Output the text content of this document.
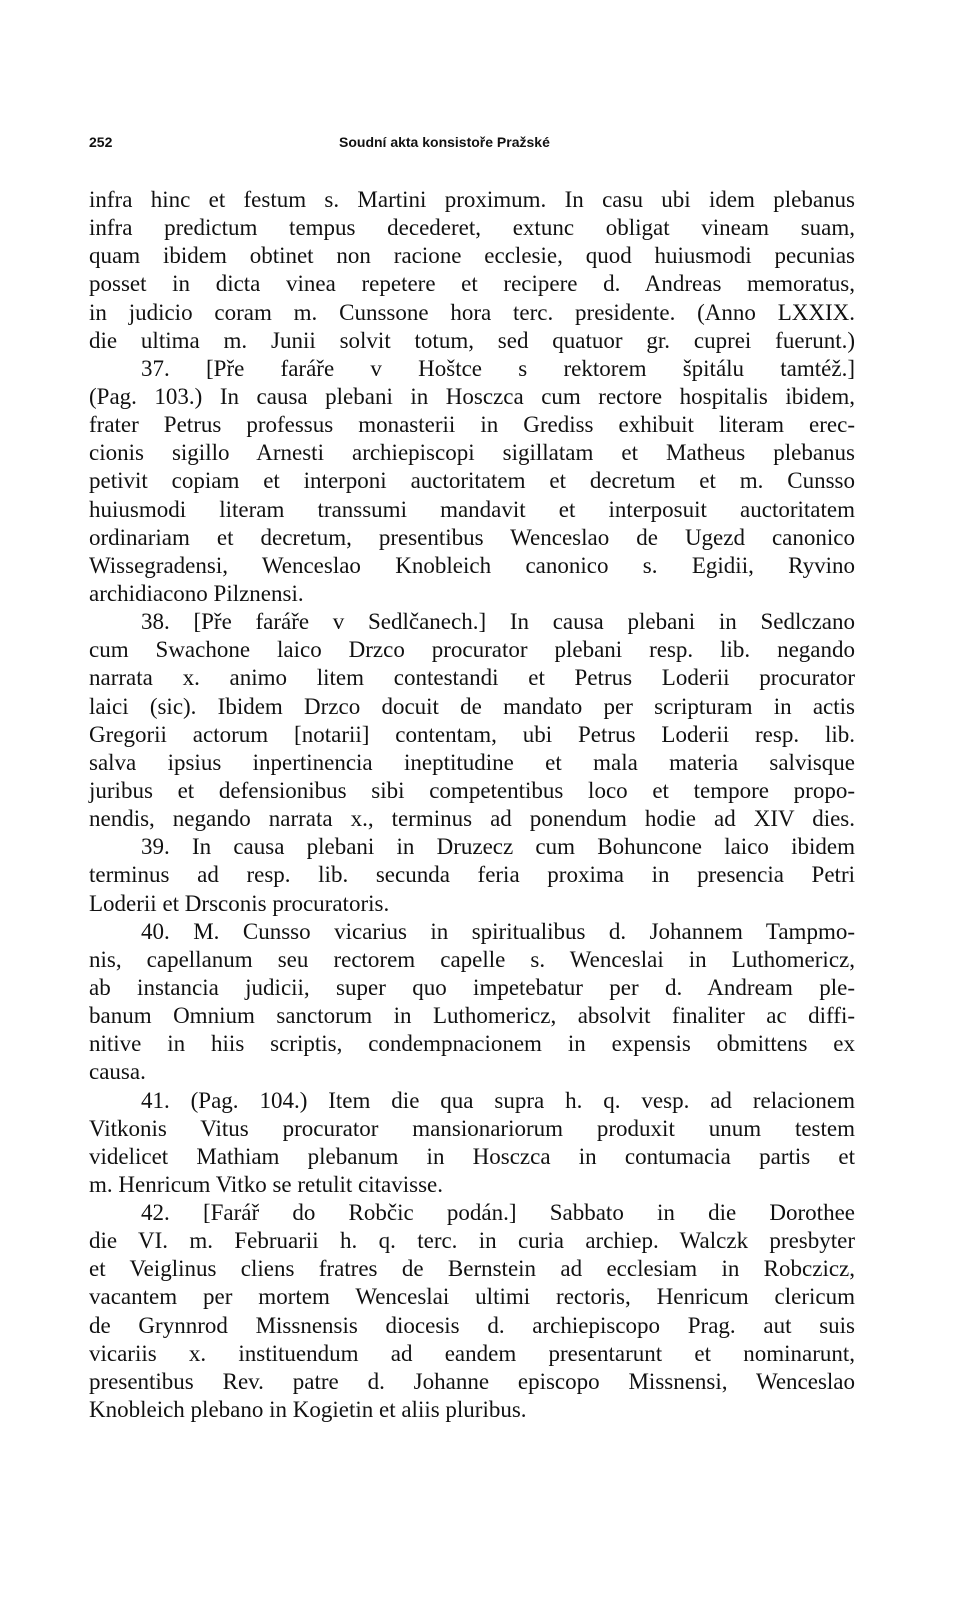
252	Soudní akta konsistoře Pražské
infra hinc et festum s. Martini proximum. In casu ubi idem plebanus
infra predictum tempus decederet, extunc obligat vineam suam,
quam ibidem obtinet non racione ecclesie, quod huiusmodi pecunias
posset in dicta vinea repetere et recipere d. Andreas memoratus,
in judicio coram m. Cunssone hora terc. presidente. (Anno LXXIX.
die ultima m. Junii solvit totum, sed quatuor gr. cuprei fuerunt.)
37. [Pře faráře v Hoštce s rektorem špitálu tamtéž.]
(Pag. 103.) In causa plebani in Hosczca cum rectore hospitalis ibidem,
frater Petrus professus monasterii in Grediss exhibuit literam erec-
cionis sigillo Arnesti archiepiscopi sigillatam et Matheus plebanus
petivit copiam et interponi auctoritatem et decretum et m. Cunsso
huiusmodi literam transsumi mandavit et interposuit auctoritatem
ordinariam et decretum, presentibus Wenceslao de Ugezd canonico
Wissegradensi, Wenceslao Knobleich canonico s. Egidii, Ryvino
archidiacono Pilznensi.
38. [Pře faráře v Sedlčanech.] In causa plebani in Sedlczano
cum Swachone laico Drzco procurator plebani resp. lib. negando
narrata x. animo litem contestandi et Petrus Loderii procurator
laici (sic). Ibidem Drzco docuit de mandato per scripturam in actis
Gregorii actorum [notarii] contentam, ubi Petrus Loderii resp. lib.
salva ipsius inpertinencia ineptitudine et mala materia salvisque
juribus et defensionibus sibi competentibus loco et tempore propo-
nendis, negando narrata x., terminus ad ponendum hodie ad XIV dies.
39. In causa plebani in Druzecz cum Bohuncone laico ibidem
terminus ad resp. lib. secunda feria proxima in presencia Petri
Loderii et Drsconis procuratoris.
40. M. Cunsso vicarius in spiritualibus d. Johannem Tampmo-
nis, capellanum seu rectorem capelle s. Wenceslai in Luthomericz,
ab instancia judicii, super quo impetebatur per d. Andream ple-
banum Omnium sanctorum in Luthomericz, absolvit finaliter ac diffi-
nitive in hiis scriptis, condempnacionem in expensis obmittens ex
causa.
41. (Pag. 104.) Item die qua supra h. q. vesp. ad relacionem
Vitkonis Vitus procurator mansionariorum produxit unum testem
videlicet Mathiam plebanum in Hosczca in contumacia partis et
m. Henricum Vitko se retulit citavisse.
42. [Farář do Robčic podán.] Sabbato in die Dorothee
die VI. m. Februarii h. q. terc. in curia archiep. Walczk presbyter
et Veiglinus cliens fratres de Bernstein ad ecclesiam in Robczicz,
vacantem per mortem Wenceslai ultimi rectoris, Henricum clericum
de Grynnrod Missnensis diocesis d. archiepiscopo Prag. aut suis
vicariis x. instituendum ad eandem presentarunt et nominarunt,
presentibus Rev. patre d. Johanne episcopo Missnensi, Wenceslao
Knobleich plebano in Kogietin et aliis pluribus.
